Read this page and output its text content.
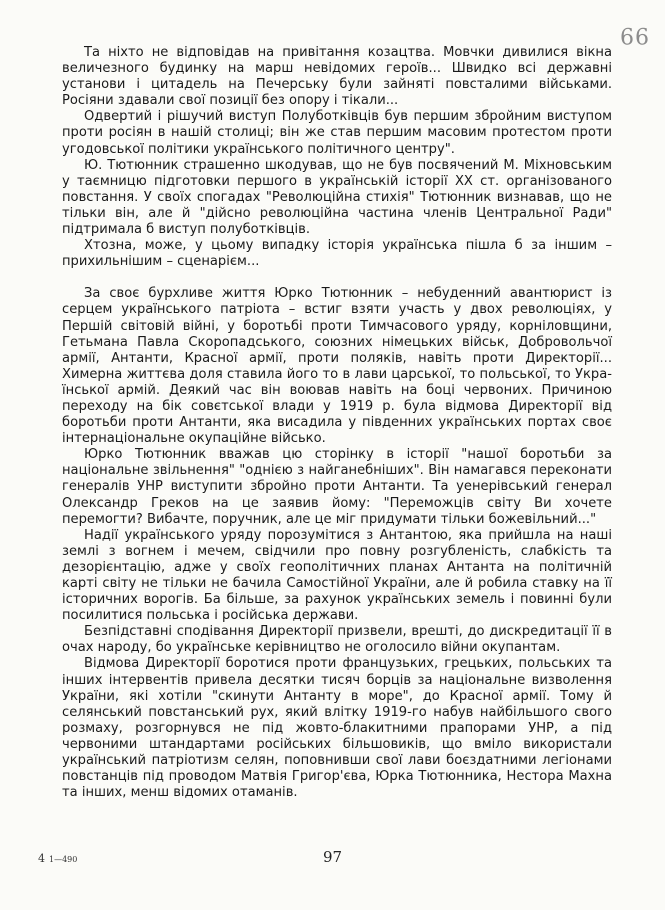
99

Та ніхто не відповідав на привітання козацтва. Мовчки дивилися вікна величезного будинку на марш невідомих героїв... Швидко всі державні установи і цитадель на Печерську були зайняті повсталими військами. Росіяни здавали свої позиції без опору і тікали...

Одвертий і рішучий виступ Полуботківців був першим збройним виступом проти росіян в нашій столиці; він же став першим масовим протестом проти угодовської політики українського політичного центру".

Ю. Тютюнник страшенно шкодував, що не був посвячений М. Міхновським у таємницю підготовки першого в українській історії XX ст. організованого повстання. У своїх спогадах "Революційна стихія" Тютюнник визнавав, що не тільки він, але й "дійсно революційна частина членів Центральної Ради" підтримала б виступ полуботківців.

Хтозна, може, у цьому випадку історія українська пішла б за іншим – прихильнішим – сценарієм...

За своє бурхливе життя Юрко Тютюнник – небуденний авантюрист із серцем українського патріота – встиг взяти участь у двох революціях, у Першій світовій війні, у боротьбі проти Тимчасового уряду, корніловщини, Гетьмана Павла Скоропадського, союзних німецьких військ, Добровольчої армії, Антанти, Красної армії, проти поляків, навіть проти Директорії... Химерна життєва доля ставила його то в лави царської, то польської, то Укра-їнської армій. Деякий час він воював навіть на боці червоних. Причиною переходу на бік совєтської влади у 1919 р. була відмова Директорії від боротьби проти Антанти, яка висадила у південних українських портах своє інтернаціональне окупаційне військо.

Юрко Тютюнник вважав цю сторінку в історії "нашої боротьби за національне звільнення" "однією з найганебніших". Він намагався переконати генералів УНР виступити збройно проти Антанти. Та уенерівський генерал Олександр Греков на це заявив йому: "Переможців світу Ви хочете перемогти? Вибачте, поручник, але це міг придумати тільки божевільний..."

Надії українського уряду порозумітися з Антантою, яка прийшла на наші землі з вогнем і мечем, свідчили про повну розгубленість, слабкість та дезорієнтацію, адже у своїх геополітичних планах Антанта на політичній карті світу не тільки не бачила Самостійної України, але й робила ставку на її історичних ворогів. Ба більше, за рахунок українських земель і повинні були посилитися польська і російська держави.

Безпідставні сподівання Директорії призвели, врешті, до дискредитації її в очах народу, бо українське керівництво не оголосило війни окупантам.

Відмова Директорії боротися проти французьких, грецьких, польських та інших інтервентів привела десятки тисяч борців за національне визволення України, які хотіли "скинути Антанту в море", до Красної армії. Тому й селянський повстанський рух, який влітку 1919-го набув найбільшого свого розмаху, розгорнувся не під жовто-блакитними прапорами УНР, а під червоними штандартами російських більшовиків, що вміло використали український патріотизм селян, поповнивши свої лави боєздатними легіонами повстанців під проводом Матвія Григор'єва, Юрка Тютюнника, Нестора Махна та інших, менш відомих отаманів.

4 1—490	97
